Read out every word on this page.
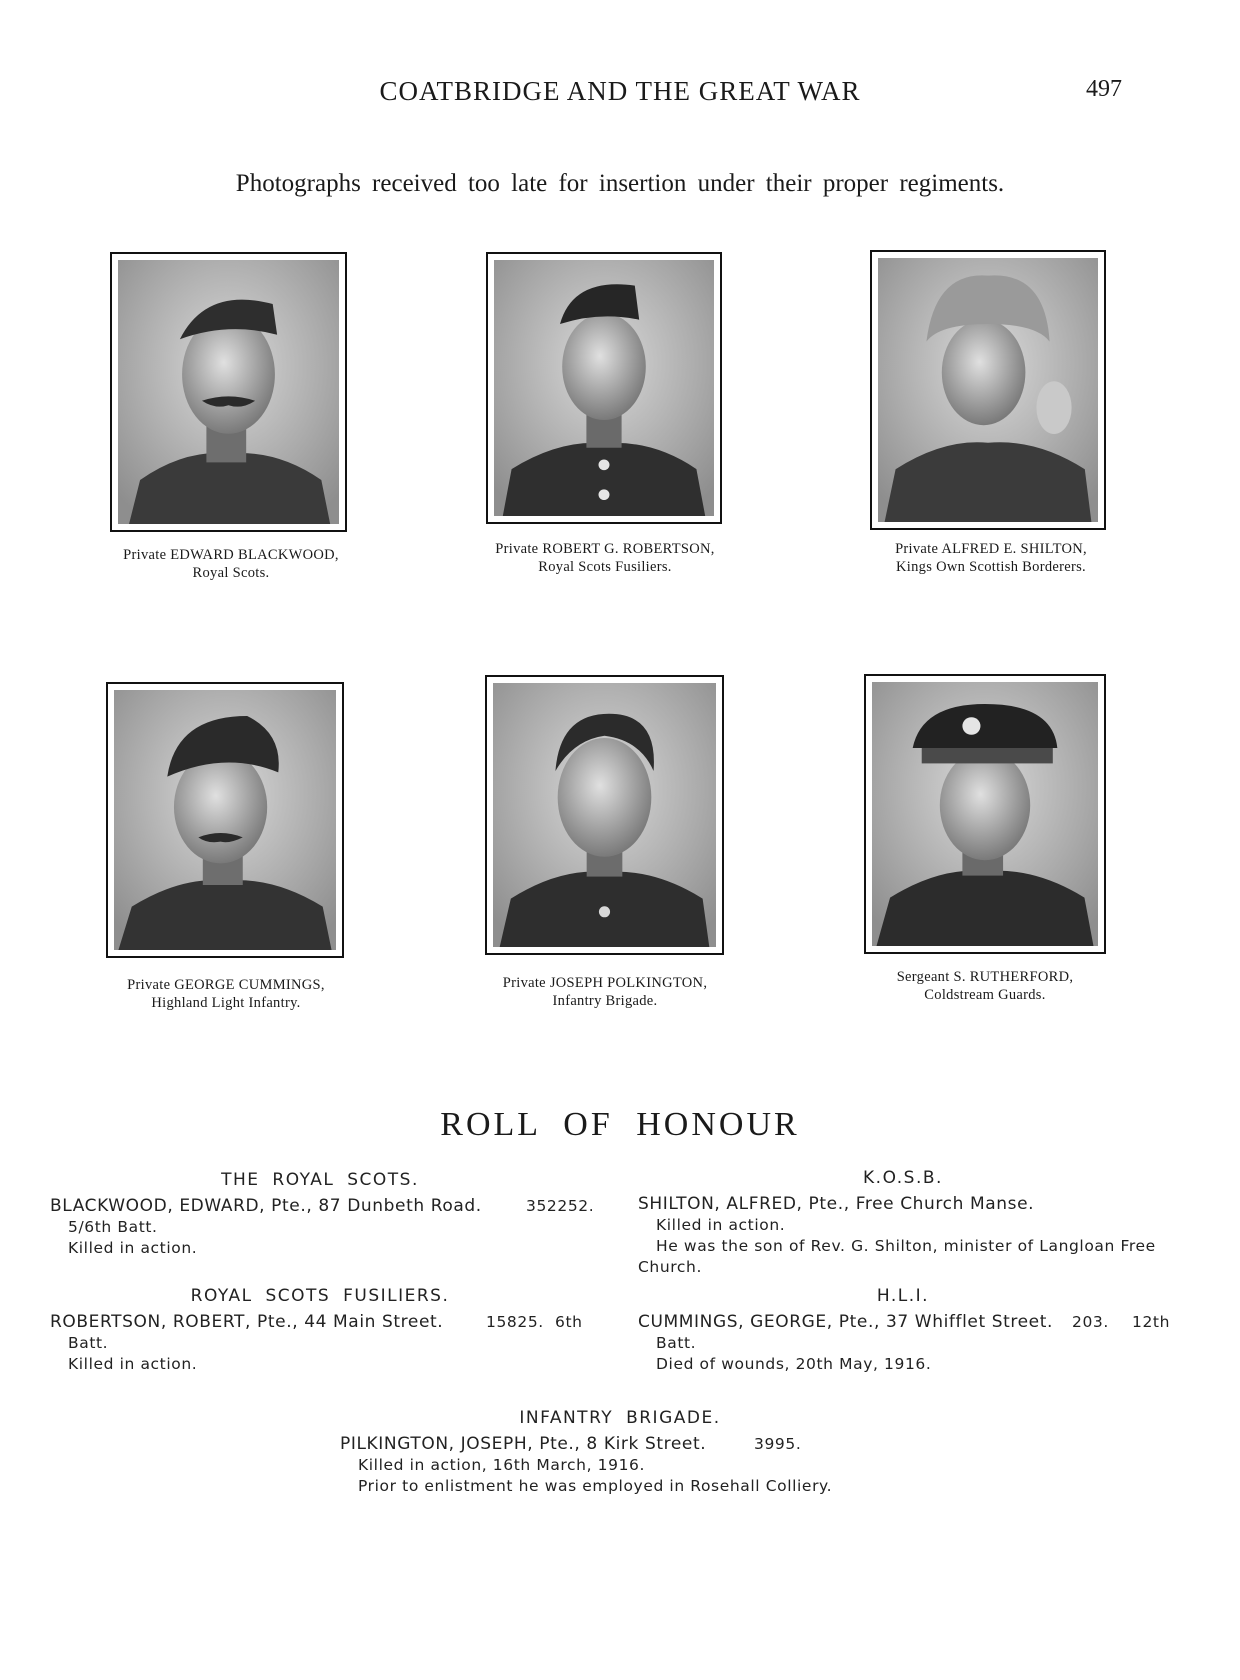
COATBRIDGE AND THE GREAT WAR	497
Photographs received too late for insertion under their proper regiments.
Private EDWARD BLACKWOOD,
Royal Scots.
Private ROBERT G. ROBERTSON,
Royal Scots Fusiliers.
Private ALFRED E. SHILTON,
Kings Own Scottish Borderers.
Private GEORGE CUMMINGS,
Highland Light Infantry.
Private JOSEPH POLKINGTON,
Infantry Brigade.
Sergeant S. RUTHERFORD,
Coldstream Guards.
ROLL OF HONOUR
THE ROYAL SCOTS.
BLACKWOOD, EDWARD, Pte., 87 Dunbeth Road.	352252.
5/6th Batt.
Killed in action.
ROYAL SCOTS FUSILIERS.
ROBERTSON, ROBERT, Pte., 44 Main Street.	15825. 6th
Batt.
Killed in action.
K.O.S.B.
SHILTON, ALFRED, Pte., Free Church Manse.
Killed in action.
He was the son of Rev. G. Shilton, minister of Langloan Free
Church.
H.L.I.
CUMMINGS, GEORGE, Pte., 37 Whifflet Street. 203. 12th
Batt.
Died of wounds, 20th May, 1916.
INFANTRY BRIGADE.
PILKINGTON, JOSEPH, Pte., 8 Kirk Street.	3995.
Killed in action, 16th March, 1916.
Prior to enlistment he was employed in Rosehall Colliery.
